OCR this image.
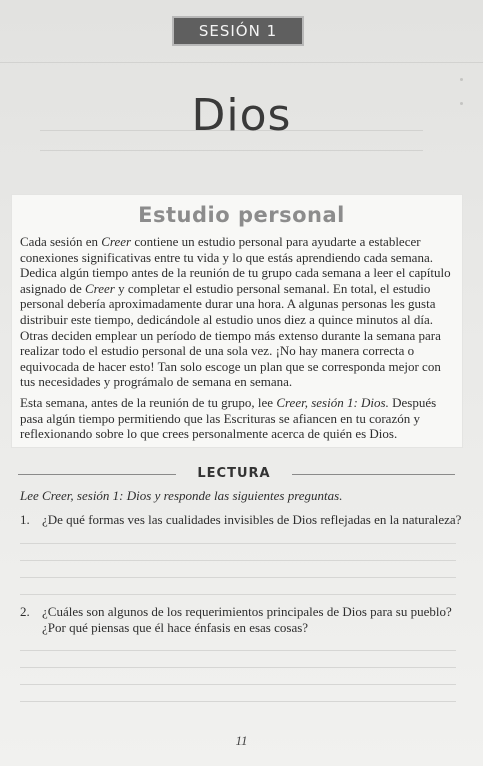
SESIÓN 1
Dios
Estudio personal
Cada sesión en Creer contiene un estudio personal para ayudarte a establecer conexiones significativas entre tu vida y lo que estás aprendiendo cada semana. Dedica algún tiempo antes de la reunión de tu grupo cada semana a leer el capítulo asignado de Creer y completar el estudio personal semanal. En total, el estudio personal debería aproximadamente durar una hora. A algunas personas les gusta distribuir este tiempo, dedicándole al estudio unos diez a quince minutos al día. Otras deciden emplear un período de tiempo más extenso durante la semana para realizar todo el estudio personal de una sola vez. ¡No hay manera correcta o equivocada de hacer esto! Tan solo escoge un plan que se corresponda mejor con tus necesidades y prográmalo de semana en semana.
Esta semana, antes de la reunión de tu grupo, lee Creer, sesión 1: Dios. Después pasa algún tiempo permitiendo que las Escrituras se afiancen en tu corazón y reflexionando sobre lo que crees personalmente acerca de quién es Dios.
LECTURA
Lee Creer, sesión 1: Dios y responde las siguientes preguntas.
1. ¿De qué formas ves las cualidades invisibles de Dios reflejadas en la naturaleza?
2. ¿Cuáles son algunos de los requerimientos principales de Dios para su pueblo? ¿Por qué piensas que él hace énfasis en esas cosas?
11
